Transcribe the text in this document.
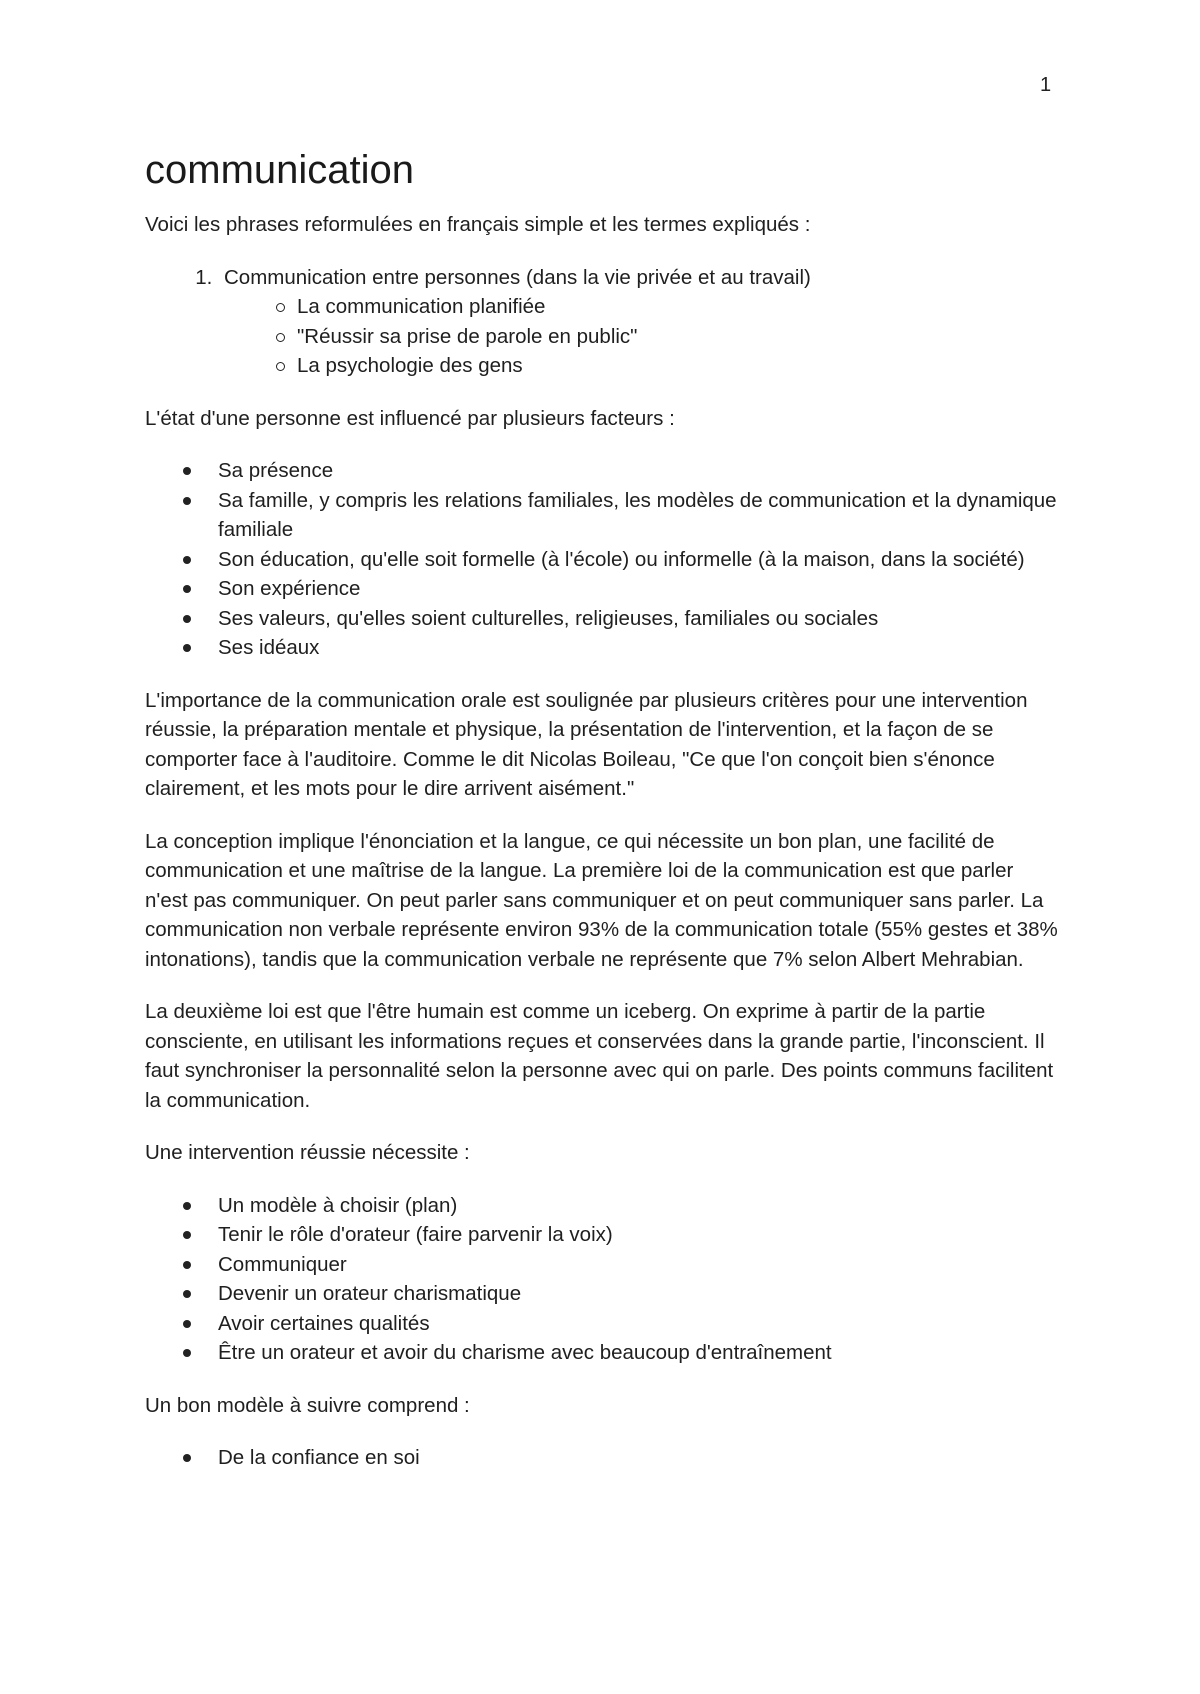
1
communication

Voici les phrases reformulées en français simple et les termes expliqués :

1. Communication entre personnes (dans la vie privée et au travail)
La communication planifiée
"Réussir sa prise de parole en public"
La psychologie des gens

L'état d'une personne est influencé par plusieurs facteurs :

Sa présence
Sa famille, y compris les relations familiales, les modèles de communication et la dynamique familiale
Son éducation, qu'elle soit formelle (à l'école) ou informelle (à la maison, dans la société)
Son expérience
Ses valeurs, qu'elles soient culturelles, religieuses, familiales ou sociales
Ses idéaux

L'importance de la communication orale est soulignée par plusieurs critères pour une intervention réussie, la préparation mentale et physique, la présentation de l'intervention, et la façon de se comporter face à l'auditoire. Comme le dit Nicolas Boileau, "Ce que l'on conçoit bien s'énonce clairement, et les mots pour le dire arrivent aisément."

La conception implique l'énonciation et la langue, ce qui nécessite un bon plan, une facilité de communication et une maîtrise de la langue. La première loi de la communication est que parler n'est pas communiquer. On peut parler sans communiquer et on peut communiquer sans parler. La communication non verbale représente environ 93% de la communication totale (55% gestes et 38% intonations), tandis que la communication verbale ne représente que 7% selon Albert Mehrabian.

La deuxième loi est que l'être humain est comme un iceberg. On exprime à partir de la partie consciente, en utilisant les informations reçues et conservées dans la grande partie, l'inconscient. Il faut synchroniser la personnalité selon la personne avec qui on parle. Des points communs facilitent la communication.

Une intervention réussie nécessite :

Un modèle à choisir (plan)
Tenir le rôle d'orateur (faire parvenir la voix)
Communiquer
Devenir un orateur charismatique
Avoir certaines qualités
Être un orateur et avoir du charisme avec beaucoup d'entraînement

Un bon modèle à suivre comprend :

De la confiance en soi
